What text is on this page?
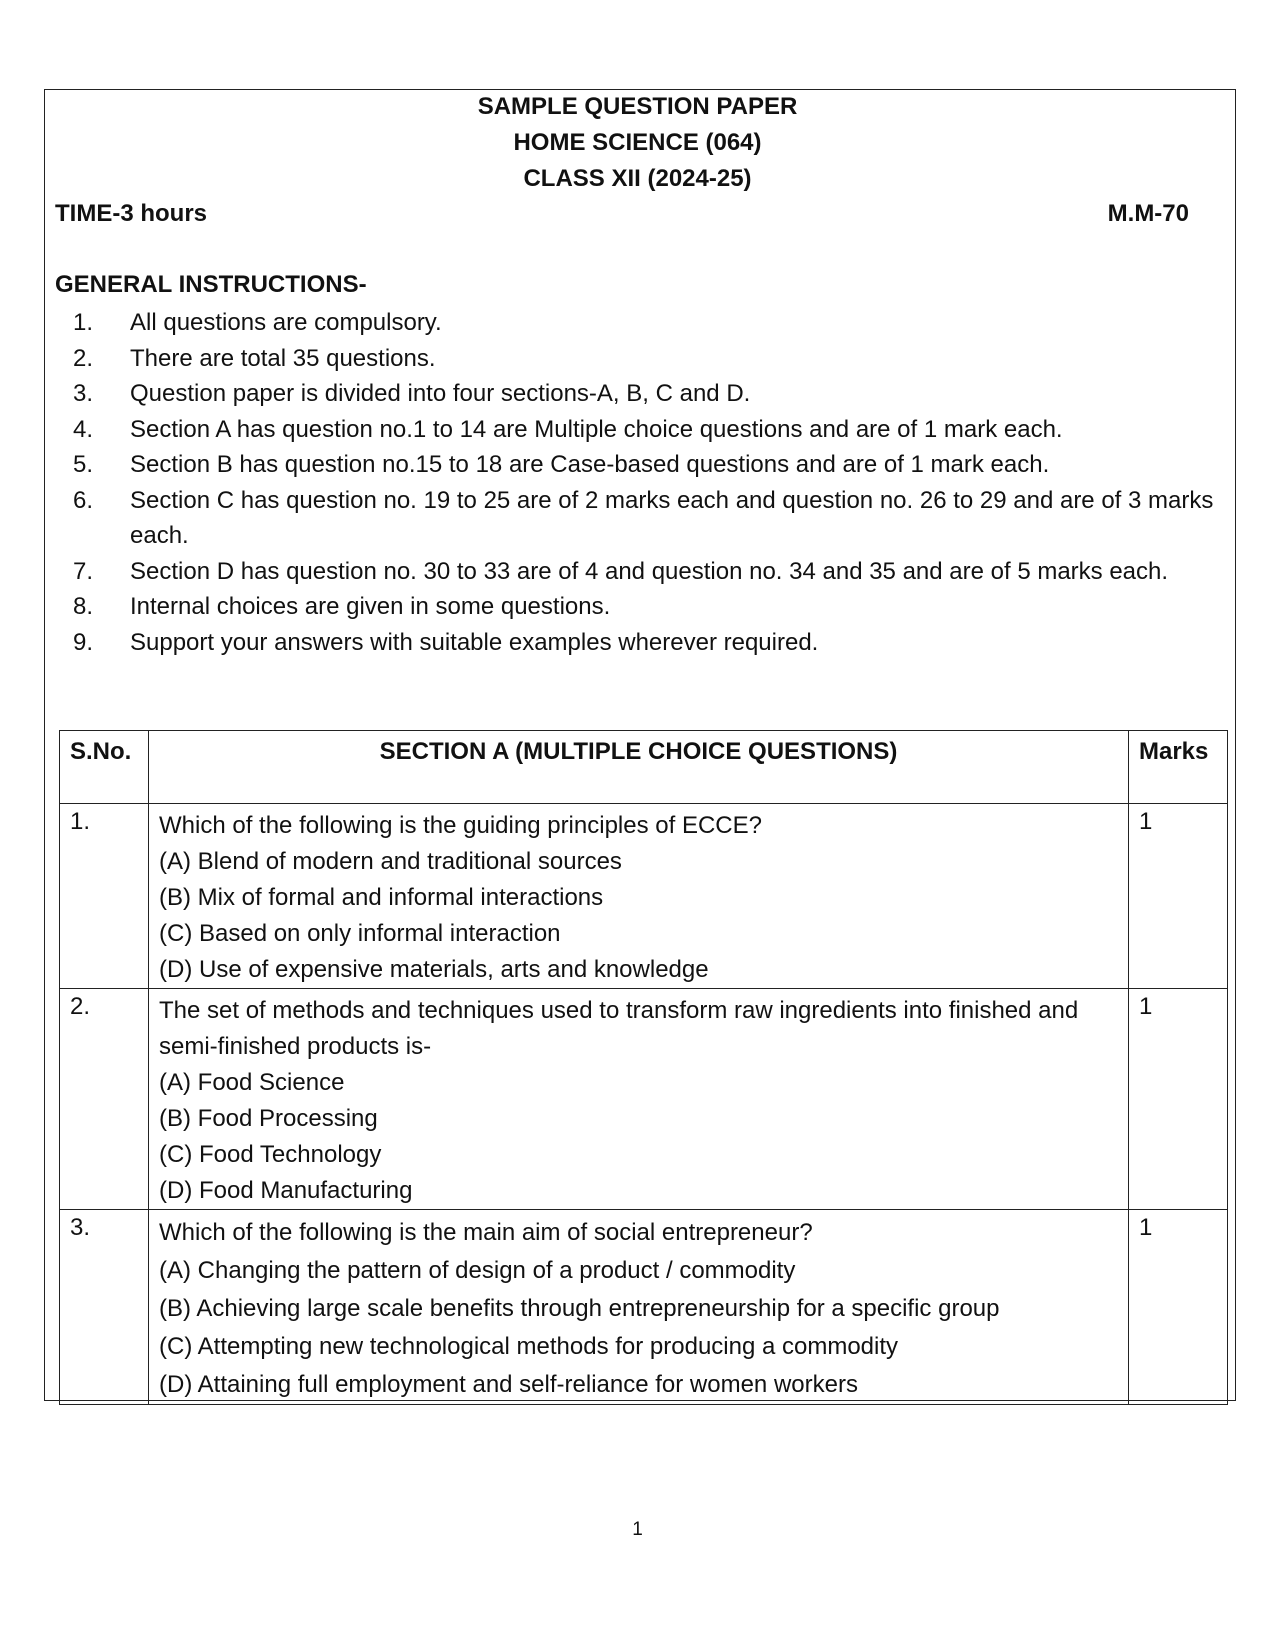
SAMPLE QUESTION PAPER
HOME SCIENCE (064)
CLASS XII (2024-25)
TIME-3 hours	M.M-70
GENERAL INSTRUCTIONS-
1. All questions are compulsory.
2. There are total 35 questions.
3. Question paper is divided into four sections-A, B, C and D.
4. Section A has question no.1 to 14 are Multiple choice questions and are of 1 mark each.
5. Section B has question no.15 to 18 are Case-based questions and are of 1 mark each.
6. Section C has question no. 19 to 25 are of 2 marks each and question no. 26 to 29 and are of 3 marks each.
7. Section D has question no. 30 to 33 are of 4 and question no. 34 and 35 and are of 5 marks each.
8. Internal choices are given in some questions.
9. Support your answers with suitable examples wherever required.
S.No.	SECTION A (MULTIPLE CHOICE QUESTIONS)	Marks
1.	Which of the following is the guiding principles of ECCE?
(A) Blend of modern and traditional sources
(B) Mix of formal and informal interactions
(C) Based on only informal interaction
(D) Use of expensive materials, arts and knowledge	1
2.	The set of methods and techniques used to transform raw ingredients into finished and semi-finished products is-
(A) Food Science
(B) Food Processing
(C) Food Technology
(D) Food Manufacturing	1
3.	Which of the following is the main aim of social entrepreneur?
(A) Changing the pattern of design of a product / commodity
(B) Achieving large scale benefits through entrepreneurship for a specific group
(C) Attempting new technological methods for producing a commodity
(D) Attaining full employment and self-reliance for women workers	1
1
